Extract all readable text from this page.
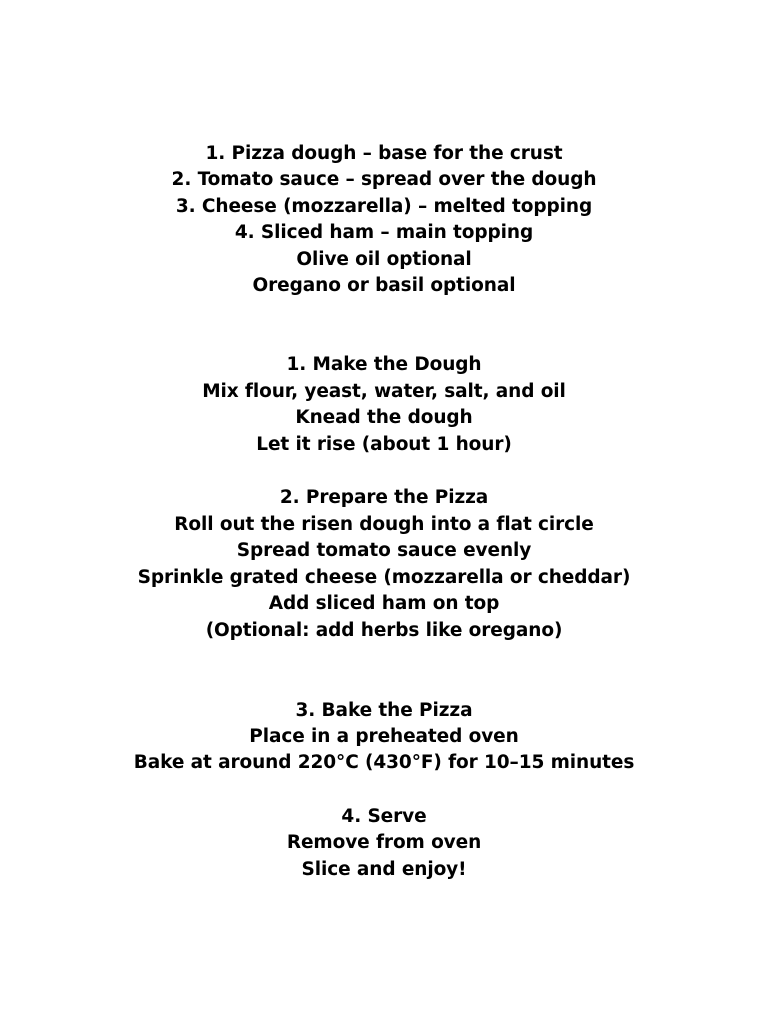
1. Pizza dough – base for the crust
2. Tomato sauce – spread over the dough
3. Cheese (mozzarella) – melted topping
4. Sliced ham – main topping
Olive oil optional
Oregano or basil optional
1. Make the Dough
Mix flour, yeast, water, salt, and oil
Knead the dough
Let it rise (about 1 hour)
2. Prepare the Pizza
Roll out the risen dough into a flat circle
Spread tomato sauce evenly
Sprinkle grated cheese (mozzarella or cheddar)
Add sliced ham on top
(Optional: add herbs like oregano)
3. Bake the Pizza
Place in a preheated oven
Bake at around 220°C (430°F) for 10–15 minutes
4. Serve
Remove from oven
Slice and enjoy!
